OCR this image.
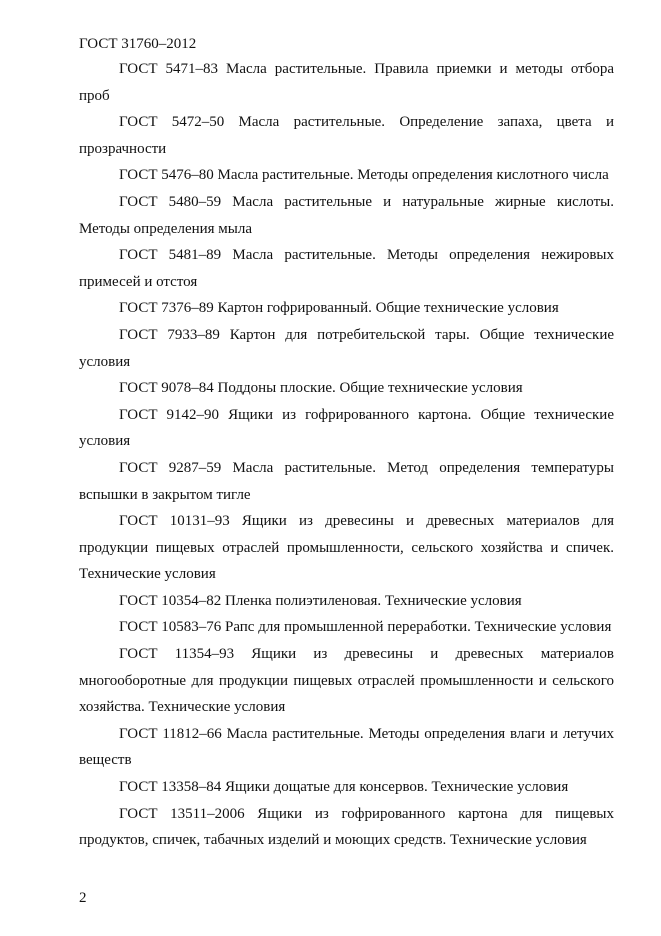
ГОСТ 31760–2012

ГОСТ 5471–83 Масла растительные. Правила приемки и методы отбора проб

ГОСТ 5472–50 Масла растительные. Определение запаха, цвета и прозрачности

ГОСТ 5476–80 Масла растительные. Методы определения кислотного числа

ГОСТ 5480–59 Масла растительные и натуральные жирные кислоты. Методы определения мыла

ГОСТ 5481–89 Масла растительные. Методы определения нежировых примесей и отстоя

ГОСТ 7376–89 Картон гофрированный. Общие технические условия

ГОСТ 7933–89 Картон для потребительской тары. Общие технические условия

ГОСТ 9078–84 Поддоны плоские. Общие технические условия

ГОСТ 9142–90 Ящики из гофрированного картона. Общие технические условия

ГОСТ 9287–59 Масла растительные. Метод определения температуры вспышки в закрытом тигле

ГОСТ 10131–93 Ящики из древесины и древесных материалов для продукции пищевых отраслей промышленности, сельского хозяйства и спичек. Технические условия

ГОСТ 10354–82 Пленка полиэтиленовая. Технические условия

ГОСТ 10583–76 Рапс для промышленной переработки. Технические условия

ГОСТ 11354–93 Ящики из древесины и древесных материалов многооборотные для продукции пищевых отраслей промышленности и сельского хозяйства. Технические условия

ГОСТ 11812–66 Масла растительные. Методы определения влаги и летучих веществ

ГОСТ 13358–84 Ящики дощатые для консервов. Технические условия

ГОСТ 13511–2006 Ящики из гофрированного картона для пищевых продуктов, спичек, табачных изделий и моющих средств. Технические условия

2
